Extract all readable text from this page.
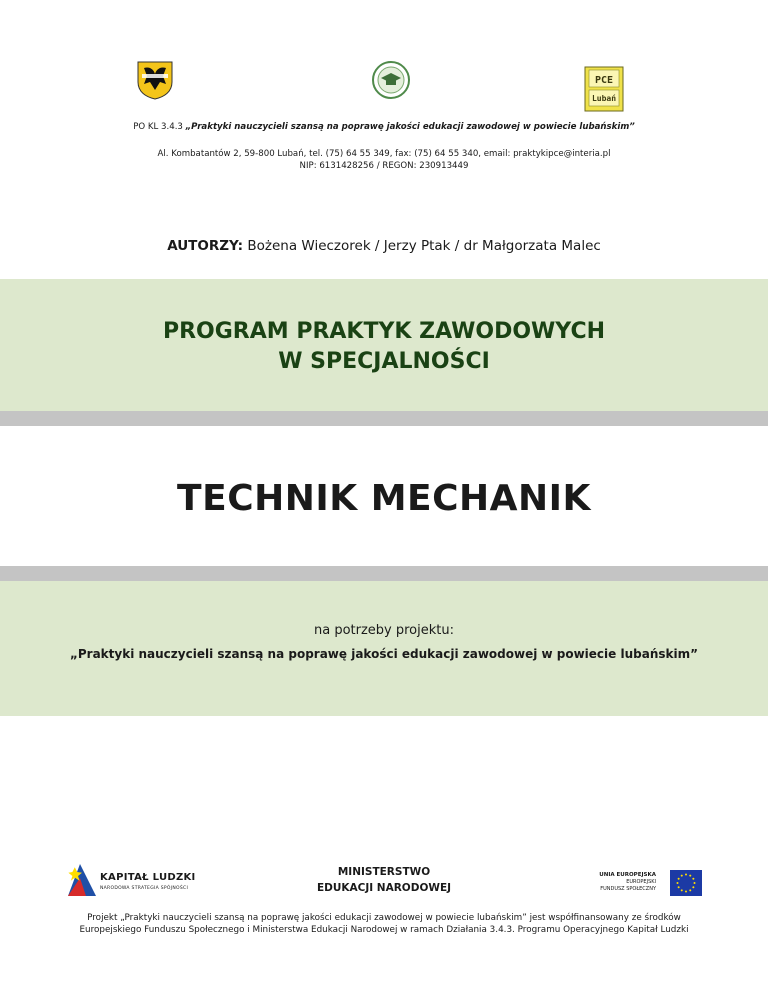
PCE
Lubań
PO KL 3.4.3 „Praktyki nauczycieli szansą na poprawę jakości edukacji zawodowej w powiecie lubańskim”
Al. Kombatantów 2, 59-800 Lubań, tel. (75) 64 55 349, fax: (75) 64 55 340, email: praktykipce@interia.pl
NIP: 6131428256 / REGON: 230913449
AUTORZY: Bożena Wieczorek / Jerzy Ptak / dr Małgorzata Malec
PROGRAM PRAKTYK ZAWODOWYCH
W SPECJALNOŚCI
TECHNIK MECHANIK
na potrzeby projektu:
„Praktyki nauczycieli szansą na poprawę jakości edukacji zawodowej w powiecie lubańskim”
KAPITAŁ LUDZKI
NARODOWA STRATEGIA SPÓJNOŚCI
MINISTERSTWO
EDUKACJI NARODOWEJ
UNIA EUROPEJSKA
EUROPEJSKI
FUNDUSZ SPOŁECZNY
Projekt „Praktyki nauczycieli szansą na poprawę jakości edukacji zawodowej w powiecie lubańskim” jest współfinansowany ze środków
Europejskiego Funduszu Społecznego i Ministerstwa Edukacji Narodowej w ramach Działania 3.4.3. Programu Operacyjnego Kapitał Ludzki
